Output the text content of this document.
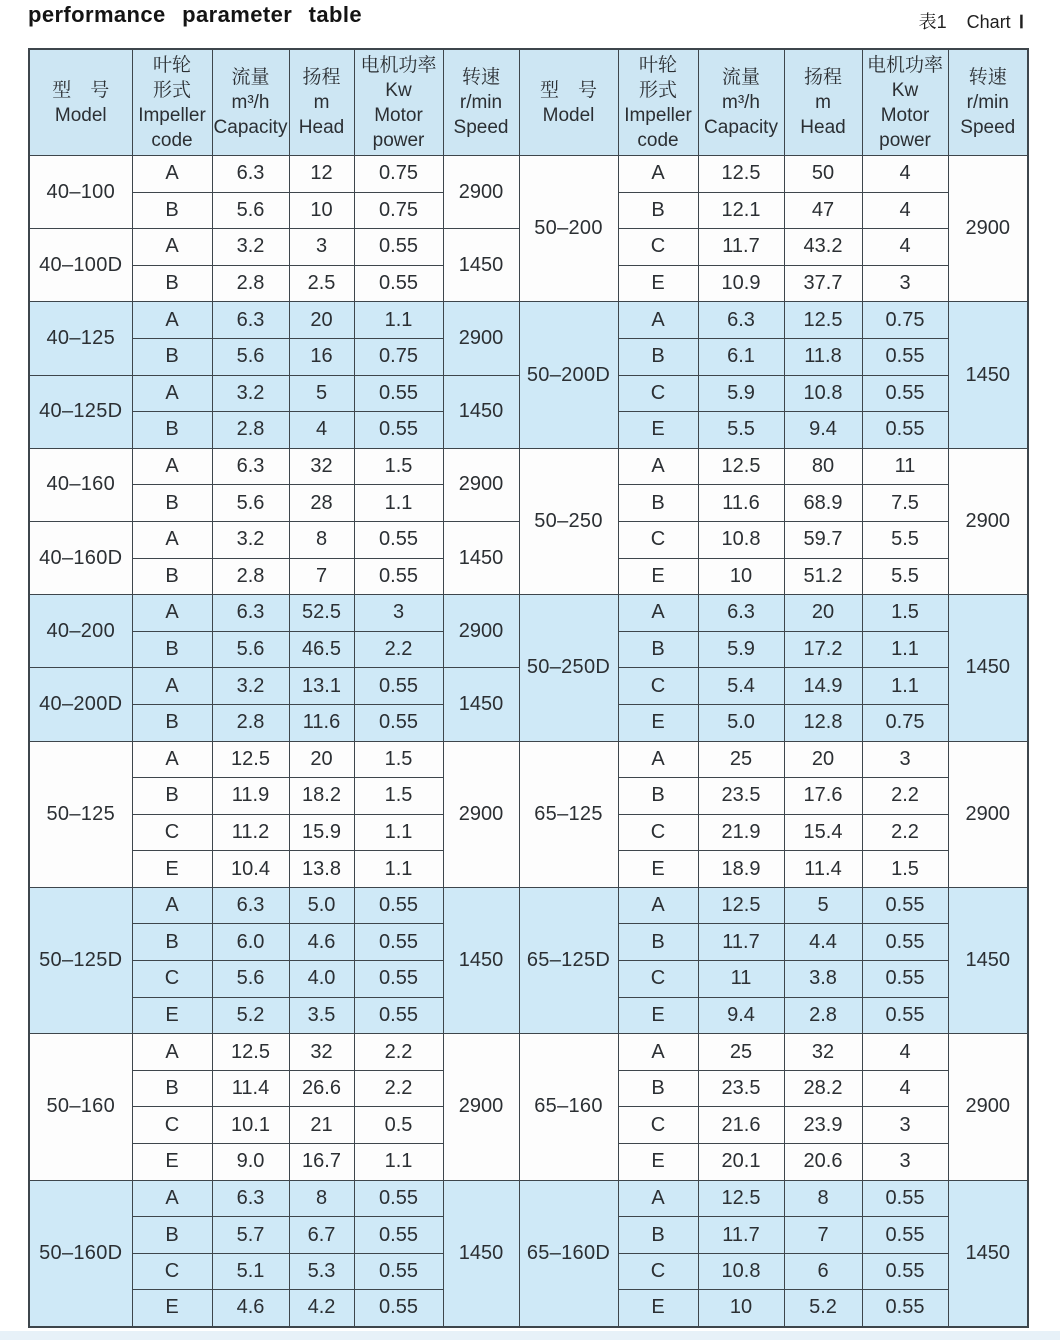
performance parameter table	表1 Chart Ⅰ
型　号
Model	叶轮
形式
Impeller
code	流量
m³/h
Capacity	扬程
m
Head	电机功率
Kw
Motor
power	转速
r/min
Speed	型　号
Model	叶轮
形式
Impeller
code	流量
m³/h
Capacity	扬程
m
Head	电机功率
Kw
Motor
power	转速
r/min
Speed

40–100	A	6.3	12	0.75	2900	50–200	A	12.5	50	4	2900
	B	5.6	10	0.75			B	12.1	47	4	
40–100D	A	3.2	3	0.55	1450		C	11.7	43.2	4	
	B	2.8	2.5	0.55			E	10.9	37.7	3	
40–125	A	6.3	20	1.1	2900	50–200D	A	6.3	12.5	0.75	1450
	B	5.6	16	0.75			B	6.1	11.8	0.55	
40–125D	A	3.2	5	0.55	1450		C	5.9	10.8	0.55	
	B	2.8	4	0.55			E	5.5	9.4	0.55	
40–160	A	6.3	32	1.5	2900	50–250	A	12.5	80	11	2900
	B	5.6	28	1.1			B	11.6	68.9	7.5	
40–160D	A	3.2	8	0.55	1450		C	10.8	59.7	5.5	
	B	2.8	7	0.55			E	10	51.2	5.5	
40–200	A	6.3	52.5	3	2900	50–250D	A	6.3	20	1.5	1450
	B	5.6	46.5	2.2			B	5.9	17.2	1.1	
40–200D	A	3.2	13.1	0.55	1450		C	5.4	14.9	1.1	
	B	2.8	11.6	0.55			E	5.0	12.8	0.75	
50–125	A	12.5	20	1.5	2900	65–125	A	25	20	3	2900
	B	11.9	18.2	1.5			B	23.5	17.6	2.2	
	C	11.2	15.9	1.1			C	21.9	15.4	2.2	
	E	10.4	13.8	1.1			E	18.9	11.4	1.5	
50–125D	A	6.3	5.0	0.55	1450	65–125D	A	12.5	5	0.55	1450
	B	6.0	4.6	0.55			B	11.7	4.4	0.55	
	C	5.6	4.0	0.55			C	11	3.8	0.55	
	E	5.2	3.5	0.55			E	9.4	2.8	0.55	
50–160	A	12.5	32	2.2	2900	65–160	A	25	32	4	2900
	B	11.4	26.6	2.2			B	23.5	28.2	4	
	C	10.1	21	0.5			C	21.6	23.9	3	
	E	9.0	16.7	1.1			E	20.1	20.6	3	
50–160D	A	6.3	8	0.55	1450	65–160D	A	12.5	8	0.55	1450
	B	5.7	6.7	0.55			B	11.7	7	0.55	
	C	5.1	5.3	0.55			C	10.8	6	0.55	
	E	4.6	4.2	0.55			E	10	5.2	0.55	
